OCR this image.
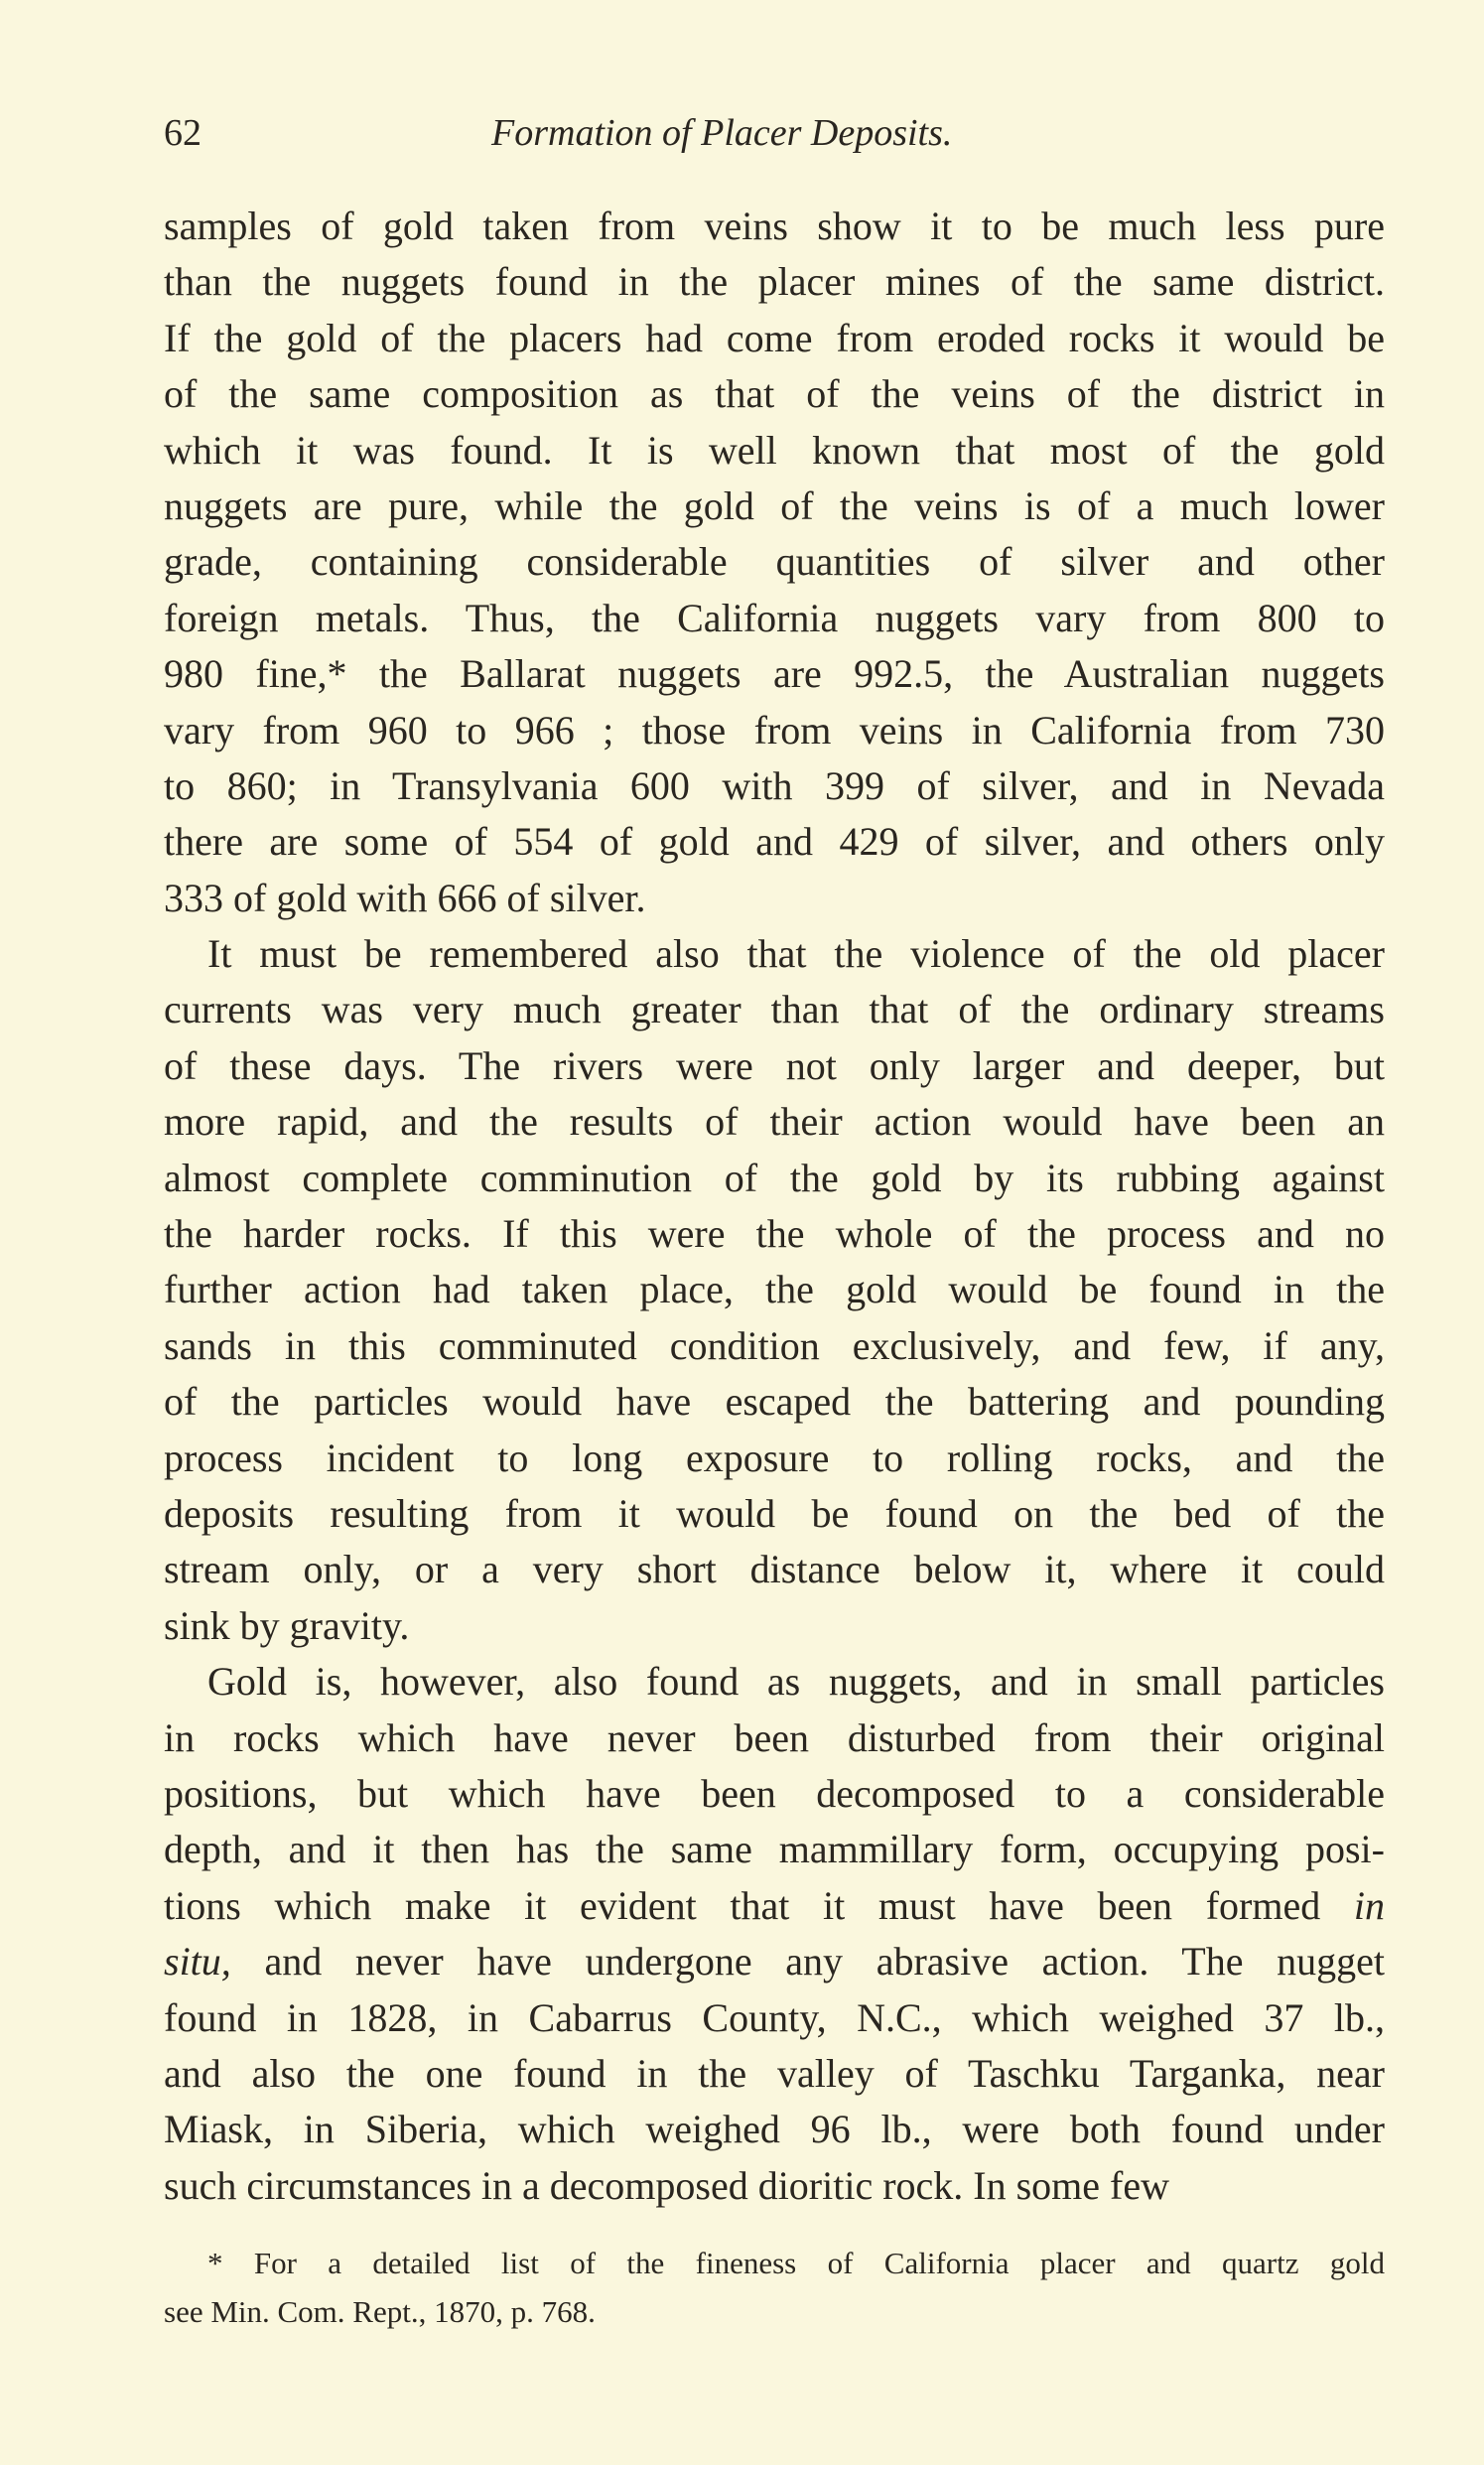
62	Formation of Placer Deposits.
samples of gold taken from veins show it to be much less pure
than the nuggets found in the placer mines of the same district.
If the gold of the placers had come from eroded rocks it would be
of the same composition as that of the veins of the district in
which it was found. It is well known that most of the gold
nuggets are pure, while the gold of the veins is of a much lower
grade, containing considerable quantities of silver and other
foreign metals. Thus, the California nuggets vary from 800 to
980 fine,* the Ballarat nuggets are 992.5, the Australian nuggets
vary from 960 to 966 ; those from veins in California from 730
to 860; in Transylvania 600 with 399 of silver, and in Nevada
there are some of 554 of gold and 429 of silver, and others only
333 of gold with 666 of silver.
It must be remembered also that the violence of the old placer
currents was very much greater than that of the ordinary streams
of these days. The rivers were not only larger and deeper, but
more rapid, and the results of their action would have been an
almost complete comminution of the gold by its rubbing against
the harder rocks. If this were the whole of the process and no
further action had taken place, the gold would be found in the
sands in this comminuted condition exclusively, and few, if any,
of the particles would have escaped the battering and pounding
process incident to long exposure to rolling rocks, and the
deposits resulting from it would be found on the bed of the
stream only, or a very short distance below it, where it could
sink by gravity.
Gold is, however, also found as nuggets, and in small particles
in rocks which have never been disturbed from their original
positions, but which have been decomposed to a considerable
depth, and it then has the same mammillary form, occupying posi-
tions which make it evident that it must have been formed in
situ, and never have undergone any abrasive action. The nugget
found in 1828, in Cabarrus County, N.C., which weighed 37 lb.,
and also the one found in the valley of Taschku Targanka, near
Miask, in Siberia, which weighed 96 lb., were both found under
such circumstances in a decomposed dioritic rock. In some few
* For a detailed list of the fineness of California placer and quartz gold
see Min. Com. Rept., 1870, p. 768.
